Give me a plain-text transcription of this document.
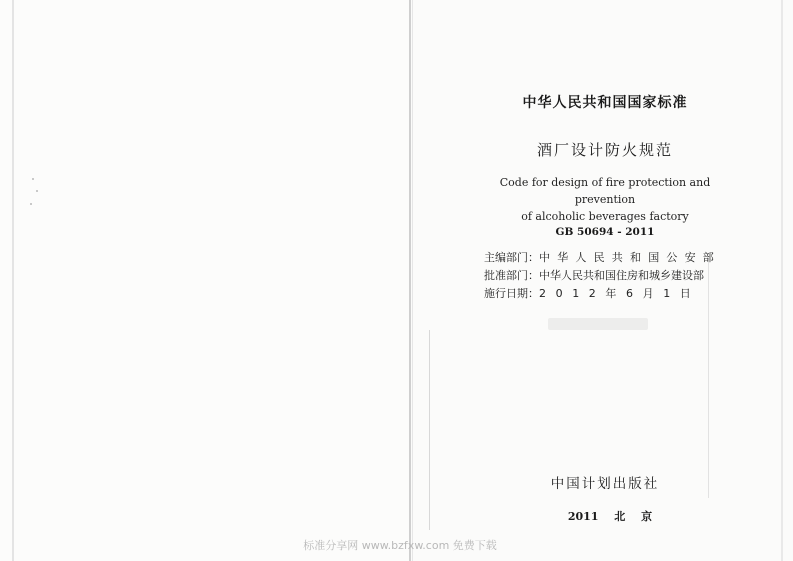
中华人民共和国国家标准
酒厂设计防火规范
Code for design of fire protection and prevention
of alcoholic beverages factory
GB 50694 - 2011
主编部门：中华人民共和国公安部
批准部门：中华人民共和国住房和城乡建设部
施行日期：2012年6月1日
中国计划出版社
2011 北 京
标准分享网 www.bzfxw.com 免费下载
